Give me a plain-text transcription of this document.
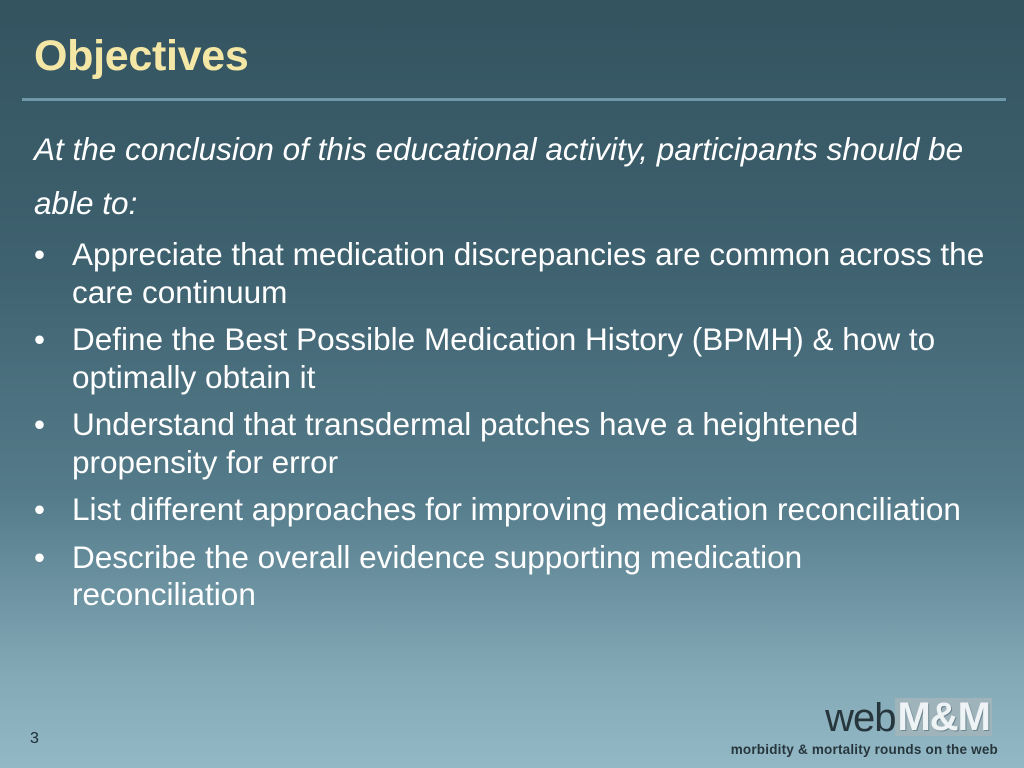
Objectives
At the conclusion of this educational activity, participants should be able to:
• Appreciate that medication discrepancies are common across the care continuum
• Define the Best Possible Medication History (BPMH) & how to optimally obtain it
• Understand that transdermal patches have a heightened propensity for error
• List different approaches for improving medication reconciliation
• Describe the overall evidence supporting medication reconciliation
3	webM&M
morbidity & mortality rounds on the web
